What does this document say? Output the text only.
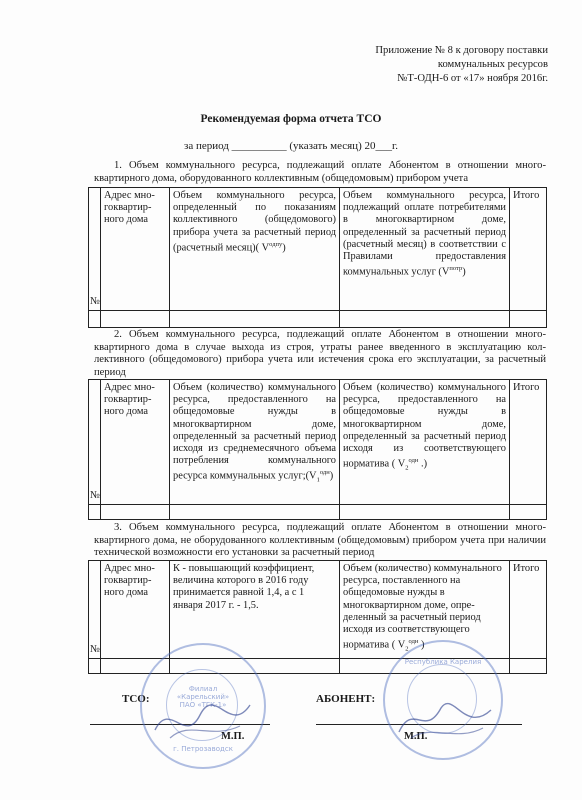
Приложение № 8 к договору поставки
коммунальных ресурсов
№Т-ОДН-6 от «17» ноября 2016г.
Рекомендуемая форма отчета ТСО
за период __________ (указать месяц) 20___г.
1. Объем коммунального ресурса, подлежащий оплате Абонентом в отношении многоквартирного дома, оборудованного коллективным (общедомовым) прибором учета
№	Адрес многоквартирного дома	Объем коммунального ресурса, определенный по показаниям коллективного (общедомового) прибора учета за расчетный период (расчетный месяц)( $V^{одпу}$)	Объем коммунального ресурса, подлежащий оплате потребителями в многоквартирном доме, определенный за расчетный период (расчетный месяц) в соответствии с Правилами предоставления коммунальных услуг $(V^{потр})$	Итого

2. Объем коммунального ресурса, подлежащий оплате Абонентом в отношении многоквартирного дома в случае выхода из строя, утраты ранее введенного в эксплуатацию коллективного (общедомового) прибора учета или истечения срока его эксплуатации, за расчетный период
№	Адрес многоквартирного дома	Объем (количество) коммунального ресурса, предоставленного на общедомовые нужды в многоквартирном доме, определенный за расчетный период исходя из среднемесячного объема потребления коммунального ресурса коммунальных $услуг;(V_1^{одн})$	Объем (количество) коммунального ресурса, предоставленного на общедомовые нужды в многоквартирном доме, определенный за расчетный период исходя из соответствующего норматива ( $V_2^{одн}$ .)	Итого

3. Объем коммунального ресурса, подлежащий оплате Абонентом в отношении многоквартирного дома, не оборудованного коллективным (общедомовым) прибором учета при наличии технической возможности его установки за расчетный период
№	Адрес многоквартирного дома	К - повышающий коэффициент, величина которого в 2016 году принимается равной 1,4, а с 1 января 2017 г. - 1,5.	Объем (количество) коммунального ресурса, поставленного на общедомовые нужды в многоквартирном доме, определенный за расчетный период исходя из соответствующего норматива ( $V_2^{одн}$ )	Итого

ТСО:	АБОНЕНТ:
М.П.	М.П.
Филиал
«Карельский»
ПАО «ТГК-1»
г. Петрозаводск
Республика Карелия
